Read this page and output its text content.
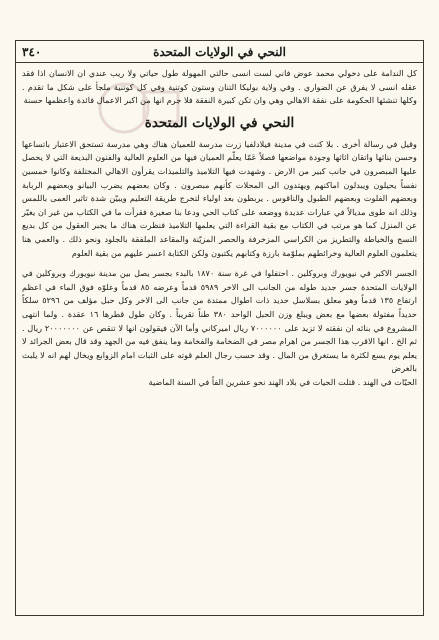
النحي في الولايات المتحدة
٣٤٠

كل الندامة على دخولي محمد عوض فاني لست انسى حالتي المهولة طول حياتي ولا ريب عندي ان الانسان اذا فقد عقله انسى لا يفرق عن الضواري . وفي ولاية بوليكا التنان وستون كوتنية وفي كل كوتنية ملجأ على شكل ما تقدم . وكلها تنشئها الحكومة على نفقة الاهالي وهي وان تكن كبيرة النفقة فلا جرم انها من اكبر الاعمال فائدة واعظمها حسنة

النحي في الولايات المتحدة

وقيل في رسالة أخرى . بلا كنت في مدينة فيلادلفيا زرت مدرسة للعميان هناك وهي مدرسة تستحق الاعتبار باتساعها وحسن بنائها واتقان اثاثها وجودة مواضعها فصلاً عَمّا يعلّم العميان فيها من العلوم العالية والفنون البديعة التي لا يحصل عليها المبصرون في جانب كبير من الارض . وشهدت فيها التلاميذ والتلميذات يقرأون الاهالي المختلفة وكانوا خمسين نفساً يحيلون ويبدلون اماكنهم ويهتدون الى المحلات كأنهم مبصرون . وكان بعضهم يضرب البيانو وبعضهم الربابة وبعضهم الفلوت وبعضهم الطبول والناقوس . يربطون بعد اولياء لتخرج طريقة التعليم ويبيّن شدة تاثير العمى باللمس وذلك انه طوى مديالاً في عبارات عديدة ووضعه على كتاب الحي ودعا بنا صغيرة فقرأت ما في الكتاب من غير ان يغيّر عن المنزل كما هو مرتب في الكتاب مع بقية القراءة التي يعلمها التلاميذ فنظرت هناك ما يجبر العقول من كل بديع النسج والخياطة والتطريز من الكراسي المزخرفة والحصر المزيّنة والمقاعد الملفقة بالجلود ونحو ذلك . والعمي هنا يتعلمون العلوم العالية وخرائطهم بملوّمة بارزة وكتابهم يكتبون ولكن الكتابة اعسر عليهم من بقية العلوم

الجسر الاكبر في نيويورك وبروكلين . احتفلوا في غرة سنة ١٨٧٠ بالبدء بجسر يصل بين مدينة نيويورك وبروكلين في الولايات المتحدة جسر جديد طوله من الجانب الى الاخر ٥٩٨٩ قدماً وعرضه ٨٥ قدماً وعلوّه فوق الماء في اعظم ارتفاع ١٣٥ قدماً وهو معلق بسلاسل حديد ذات اطوال ممتدة من جانب الى الاخر وكل حبل مؤلف من ٥٢٩٦ سلكاً حديداً مفتولة بعضها مع بعض ويبلغ وزن الحبل الواحد ٣٨٠ طناً تقريباً . وكان طول قطرها ١٦ عقدة . ولما انتهى المشروع في بنائه ان نفقته لا تزيد على ٧٠٠٠٠٠٠ ريال اميركاني وأما الآن فيقولون انها لا تنقص عن ٢٠٠٠٠٠٠٠ ريال . ثم الخ . انها الاقرب هذا الجسر من اهرام مصر في الضخامة والفخامة وما ينفق فيه من الجهد وقد قال بعض الجرائد لا يعلم يوم يسع لكثرة ما يستغرق من المال . وقد حسب رجال العلم قوته على الثبات امام الزوابع ويخال لهم انه لا يلبث بالغرض

الحيّات في الهند . قتلت الحيات في بلاد الهند نحو عشرين الفاً في السنة الماضية
